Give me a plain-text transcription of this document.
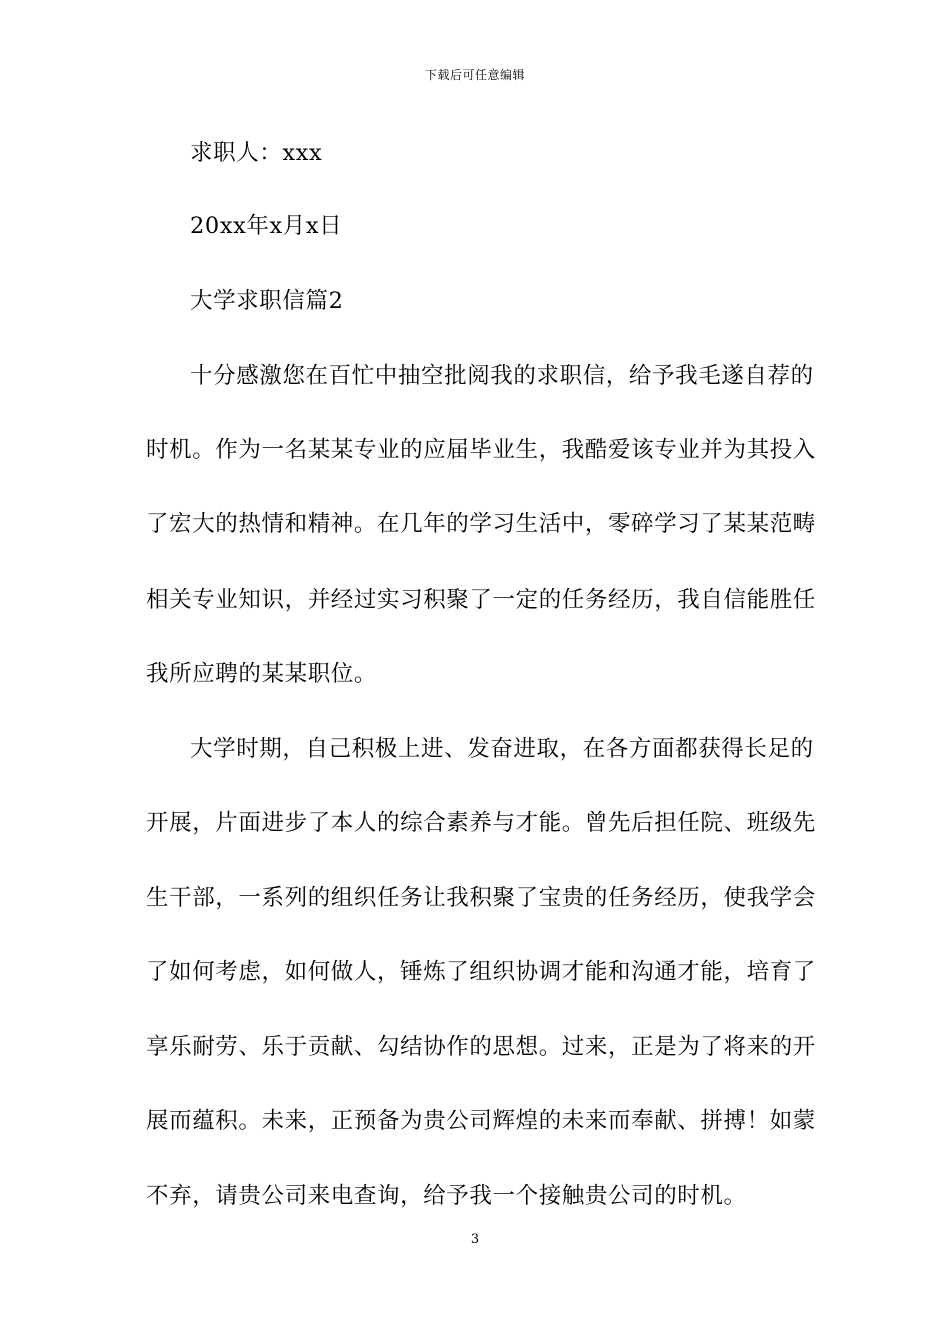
下载后可任意编辑
求职人：xxx
20xx年x月x日
大学求职信篇2
十分感激您在百忙中抽空批阅我的求职信，给予我毛遂自荐的
时机。作为一名某某专业的应届毕业生，我酷爱该专业并为其投入
了宏大的热情和精神。在几年的学习生活中，零碎学习了某某范畴
相关专业知识，并经过实习积聚了一定的任务经历，我自信能胜任
我所应聘的某某职位。
大学时期，自己积极上进、发奋进取，在各方面都获得长足的
开展，片面进步了本人的综合素养与才能。曾先后担任院、班级先
生干部，一系列的组织任务让我积聚了宝贵的任务经历，使我学会
了如何考虑，如何做人，锤炼了组织协调才能和沟通才能，培育了
享乐耐劳、乐于贡献、勾结协作的思想。过来，正是为了将来的开
展而蕴积。未来，正预备为贵公司辉煌的未来而奉献、拼搏！如蒙
不弃，请贵公司来电查询，给予我一个接触贵公司的时机。
3
